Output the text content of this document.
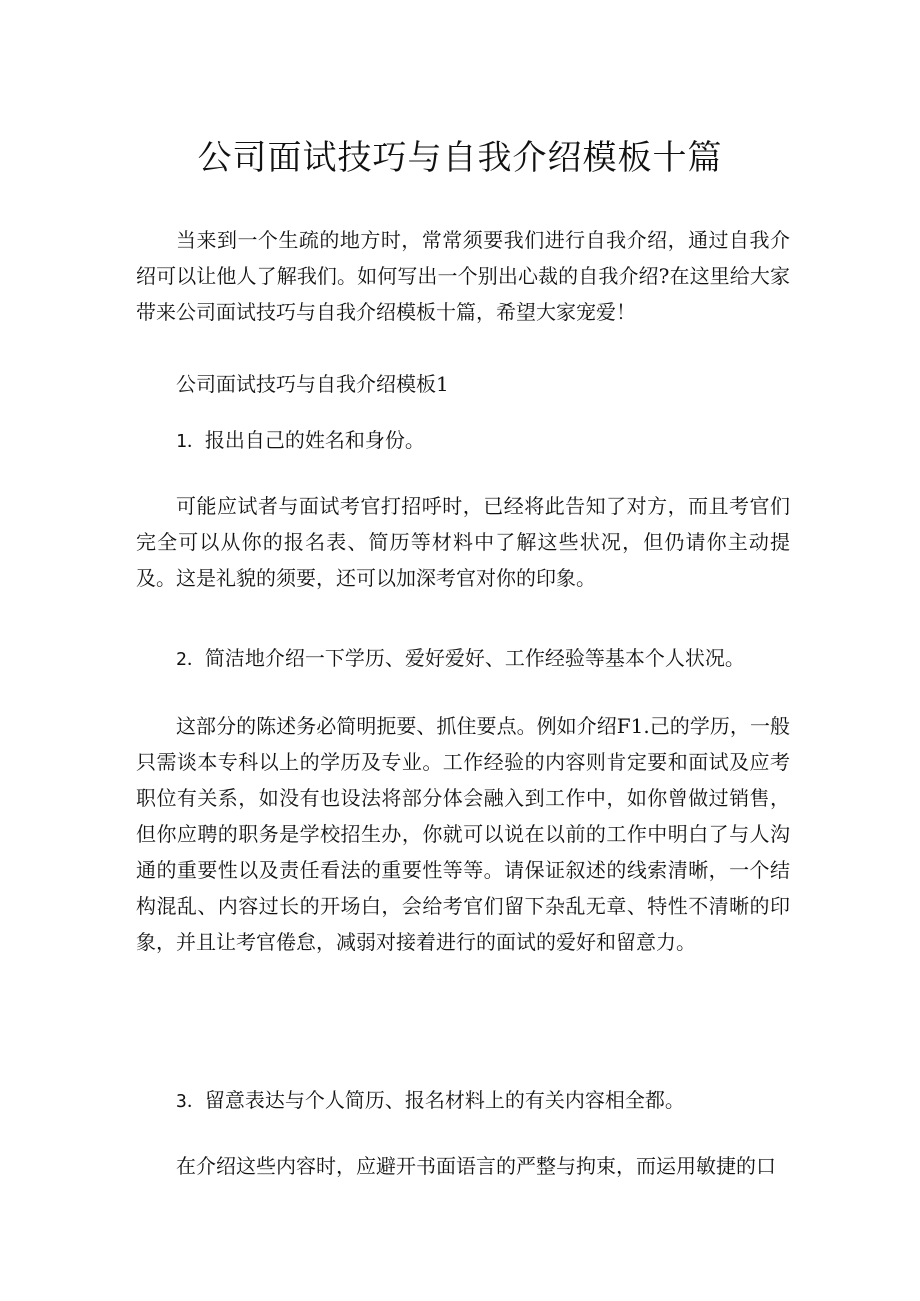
公司面试技巧与自我介绍模板十篇

当来到一个生疏的地方时，常常须要我们进行自我介绍，通过自我介绍可以让他人了解我们。如何写出一个别出心裁的自我介绍?在这里给大家带来公司面试技巧与自我介绍模板十篇，希望大家宠爱！

公司面试技巧与自我介绍模板1

1．报出自己的姓名和身份。

可能应试者与面试考官打招呼时，已经将此告知了对方，而且考官们完全可以从你的报名表、简历等材料中了解这些状况，但仍请你主动提及。这是礼貌的须要，还可以加深考官对你的印象。

2．简洁地介绍一下学历、爱好爱好、工作经验等基本个人状况。

这部分的陈述务必简明扼要、抓住要点。例如介绍F1.己的学历，一般只需谈本专科以上的学历及专业。工作经验的内容则肯定要和面试及应考职位有关系，如没有也设法将部分体会融入到工作中，如你曾做过销售，但你应聘的职务是学校招生办，你就可以说在以前的工作中明白了与人沟通的重要性以及责任看法的重要性等等。请保证叙述的线索清晰，一个结构混乱、内容过长的开场白，会给考官们留下杂乱无章、特性不清晰的印象，并且让考官倦怠，减弱对接着进行的面试的爱好和留意力。

3．留意表达与个人简历、报名材料上的有关内容相全都。

在介绍这些内容时，应避开书面语言的严整与拘束，而运用敏捷的口
